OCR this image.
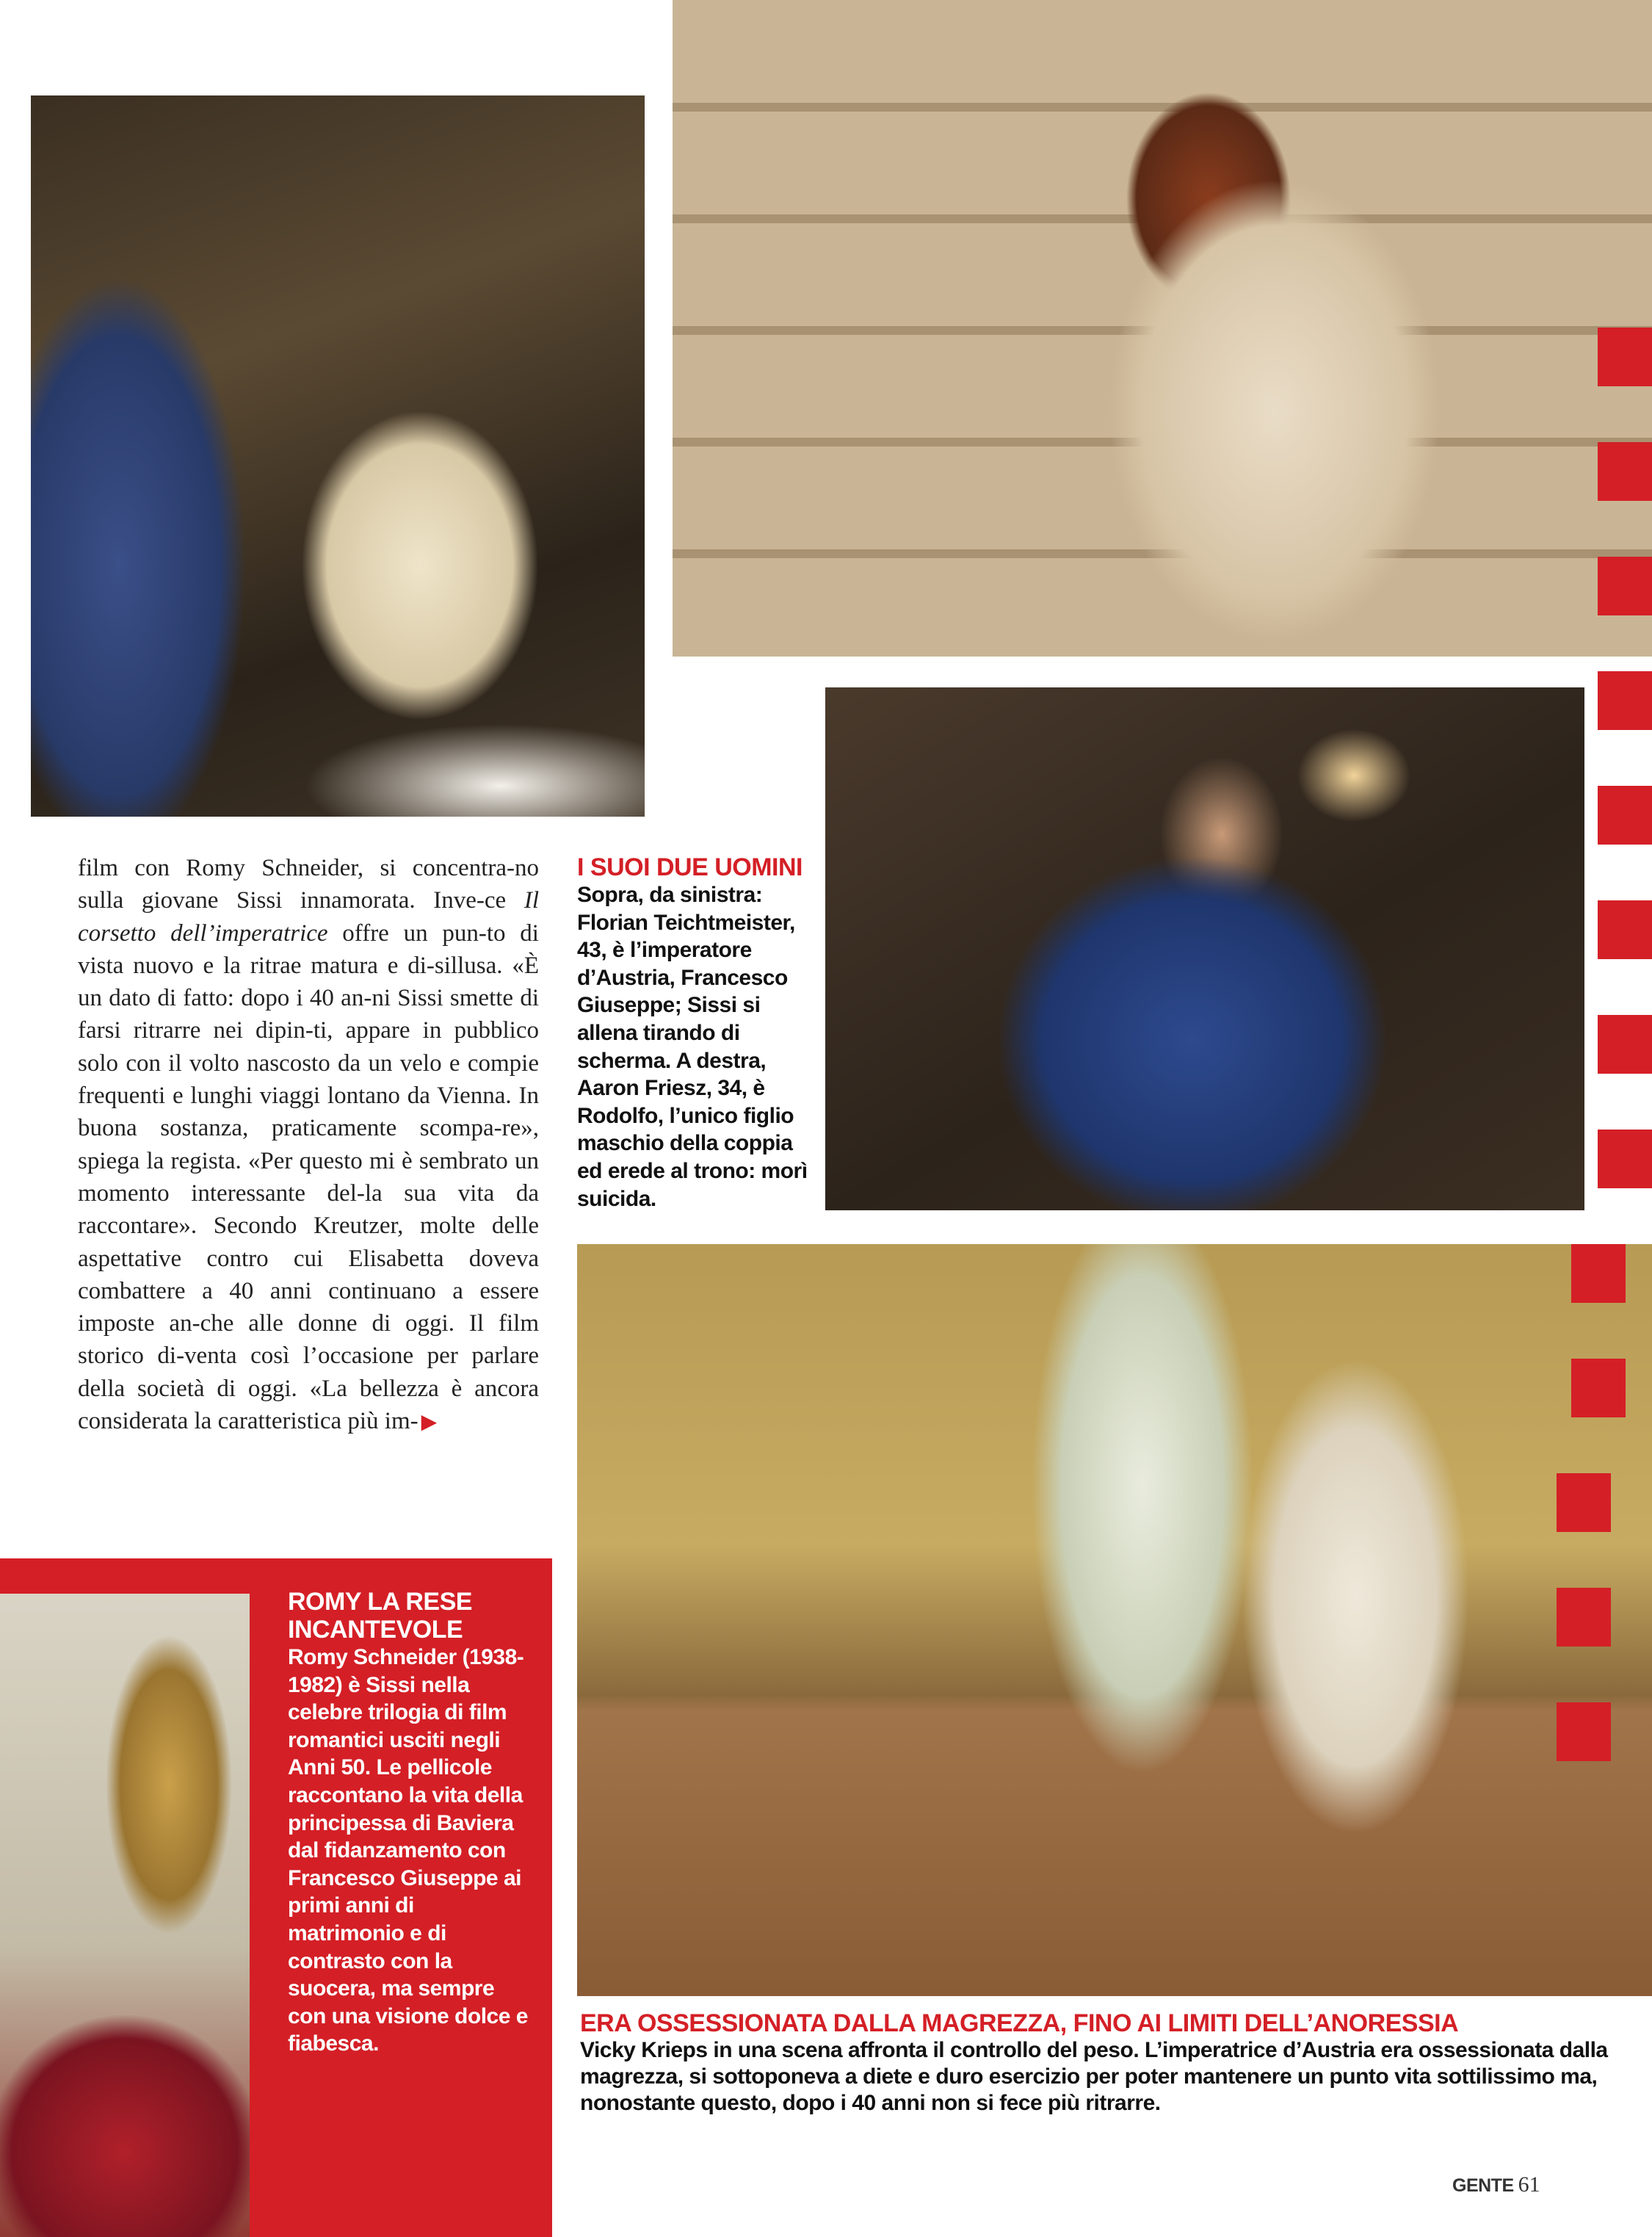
film con Romy Schneider, si concentra-no sulla giovane Sissi innamorata. Inve-ce Il corsetto dell’imperatrice offre un pun-to di vista nuovo e la ritrae matura e di-sillusa. «È un dato di fatto: dopo i 40 an-ni Sissi smette di farsi ritrarre nei dipin-ti, appare in pubblico solo con il volto nascosto da un velo e compie frequenti e lunghi viaggi lontano da Vienna. In buona sostanza, praticamente scompa-re», spiega la regista. «Per questo mi è sembrato un momento interessante del-la sua vita da raccontare». Secondo Kreutzer, molte delle aspettative contro cui Elisabetta doveva combattere a 40 anni continuano a essere imposte an-che alle donne di oggi. Il film storico di-venta così l’occasione per parlare della società di oggi. «La bellezza è ancora considerata la caratteristica più im- ▶

I SUOI DUE UOMINI

Sopra, da sinistra: Florian Teichtmeister, 43, è l’imperatore d’Austria, Francesco Giuseppe; Sissi si allena tirando di scherma. A destra, Aaron Friesz, 34, è Rodolfo, l’unico figlio maschio della coppia ed erede al trono: morì suicida.

ERA OSSESSIONATA DALLA MAGREZZA, FINO AI LIMITI DELL’ANORESSIA

Vicky Krieps in una scena affronta il controllo del peso. L’imperatrice d’Austria era ossessionata dalla magrezza, si sottoponeva a diete e duro esercizio per poter mantenere un punto vita sottilissimo ma, nonostante questo, dopo i 40 anni non si fece più ritrarre.

ROMY LA RESE INCANTEVOLE

Romy Schneider (1938-1982) è Sissi nella celebre trilogia di film romantici usciti negli Anni 50. Le pellicole raccontano la vita della principessa di Baviera dal fidanzamento con Francesco Giuseppe ai primi anni di matrimonio e di contrasto con la suocera, ma sempre con una visione dolce e fiabesca.

GENTE 61
